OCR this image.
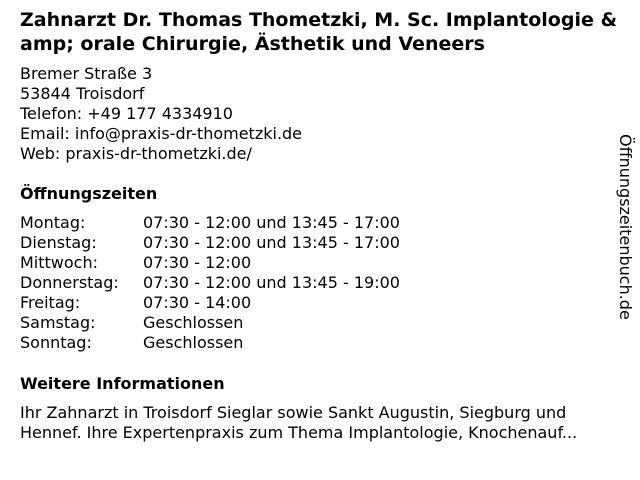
Zahnarzt Dr. Thomas Thometzki, M. Sc. Implantologie &amp; orale Chirurgie, Ästhetik und Veneers
Bremer Straße 3
53844 Troisdorf
Telefon: +49 177 4334910
Email: info@praxis-dr-thometzki.de
Web: praxis-dr-thometzki.de/
Öffnungszeiten
Montag:	07:30 - 12:00 und 13:45 - 17:00
Dienstag:	07:30 - 12:00 und 13:45 - 17:00
Mittwoch:	07:30 - 12:00
Donnerstag:	07:30 - 12:00 und 13:45 - 19:00
Freitag:	07:30 - 14:00
Samstag:	Geschlossen
Sonntag:	Geschlossen
Weitere Informationen
Ihr Zahnarzt in Troisdorf Sieglar sowie Sankt Augustin, Siegburg und Hennef. Ihre Expertenpraxis zum Thema Implantologie, Knochenauf...
Öffnungszeitenbuch.de
